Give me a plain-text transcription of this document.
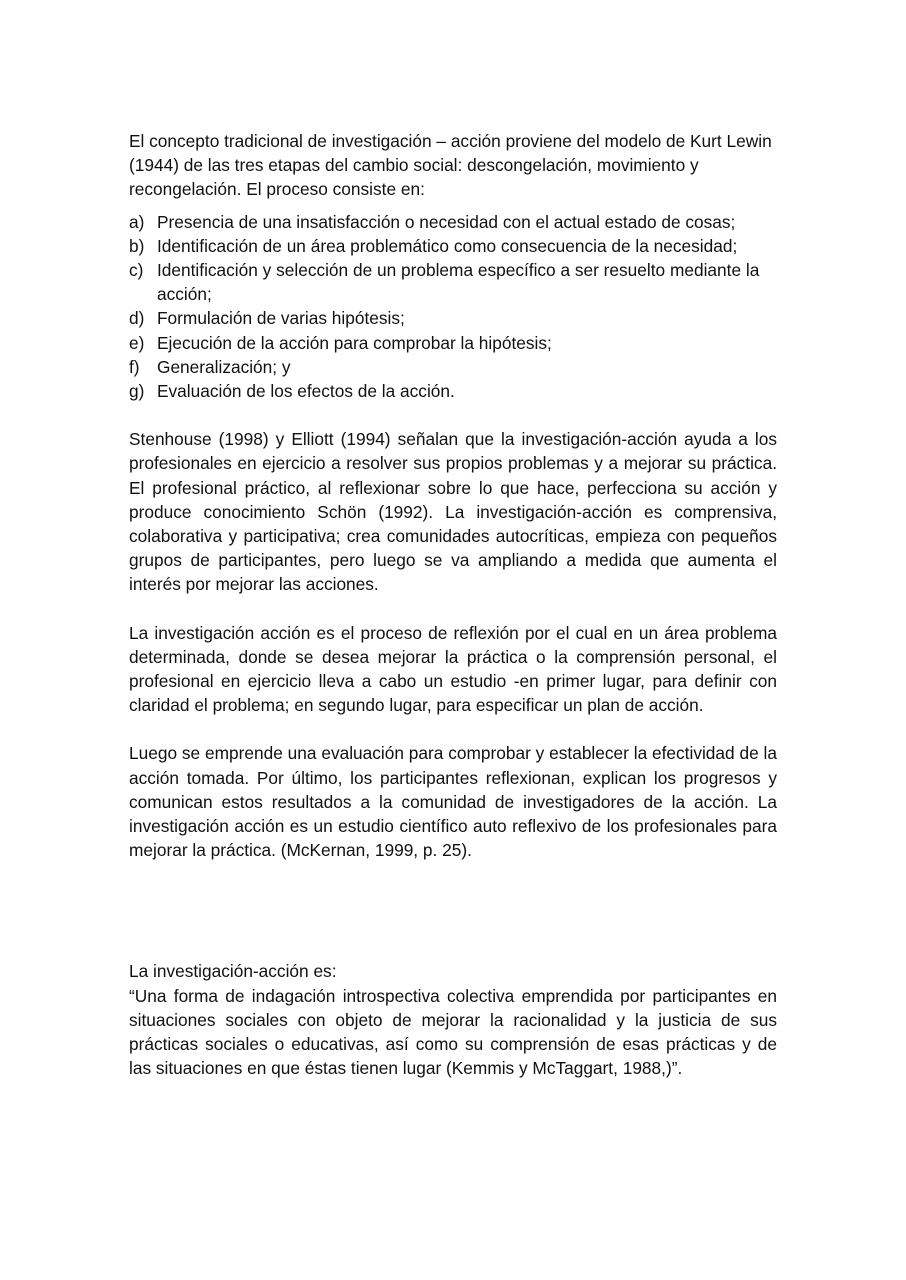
El concepto tradicional de investigación – acción proviene del modelo de Kurt Lewin (1944) de las tres etapas del cambio social: descongelación, movimiento y recongelación. El proceso consiste en:

a) Presencia de una insatisfacción o necesidad con el actual estado de cosas;
b) Identificación de un área problemático como consecuencia de la necesidad;
c) Identificación y selección de un problema específico a ser resuelto mediante la acción;
d) Formulación de varias hipótesis;
e) Ejecución de la acción para comprobar la hipótesis;
f)	Generalización; y
g) Evaluación de los efectos de la acción.

Stenhouse (1998) y Elliott (1994) señalan que la investigación-acción ayuda a los profesionales en ejercicio a resolver sus propios problemas y a mejorar su práctica. El profesional práctico, al reflexionar sobre lo que hace, perfecciona su acción y produce conocimiento Schön (1992). La investigación-acción es comprensiva, colaborativa y participativa; crea comunidades autocríticas, empieza con pequeños grupos de participantes, pero luego se va ampliando a medida que aumenta el interés por mejorar las acciones.

La investigación acción es el proceso de reflexión por el cual en un área problema determinada, donde se desea mejorar la práctica o la comprensión personal, el profesional en ejercicio lleva a cabo un estudio -en primer lugar, para definir con claridad el problema; en segundo lugar, para especificar un plan de acción.

Luego se emprende una evaluación para comprobar y establecer la efectividad de la acción tomada. Por último, los participantes reflexionan, explican los progresos y comunican estos resultados a la comunidad de investigadores de la acción. La investigación acción es un estudio científico auto reflexivo de los profesionales para mejorar la práctica. (McKernan, 1999, p. 25).

La investigación-acción es:

“Una forma de indagación introspectiva colectiva emprendida por participantes en situaciones sociales con objeto de mejorar la racionalidad y la justicia de sus prácticas sociales o educativas, así como su comprensión de esas prácticas y de las situaciones en que éstas tienen lugar (Kemmis y McTaggart, 1988,)”.
